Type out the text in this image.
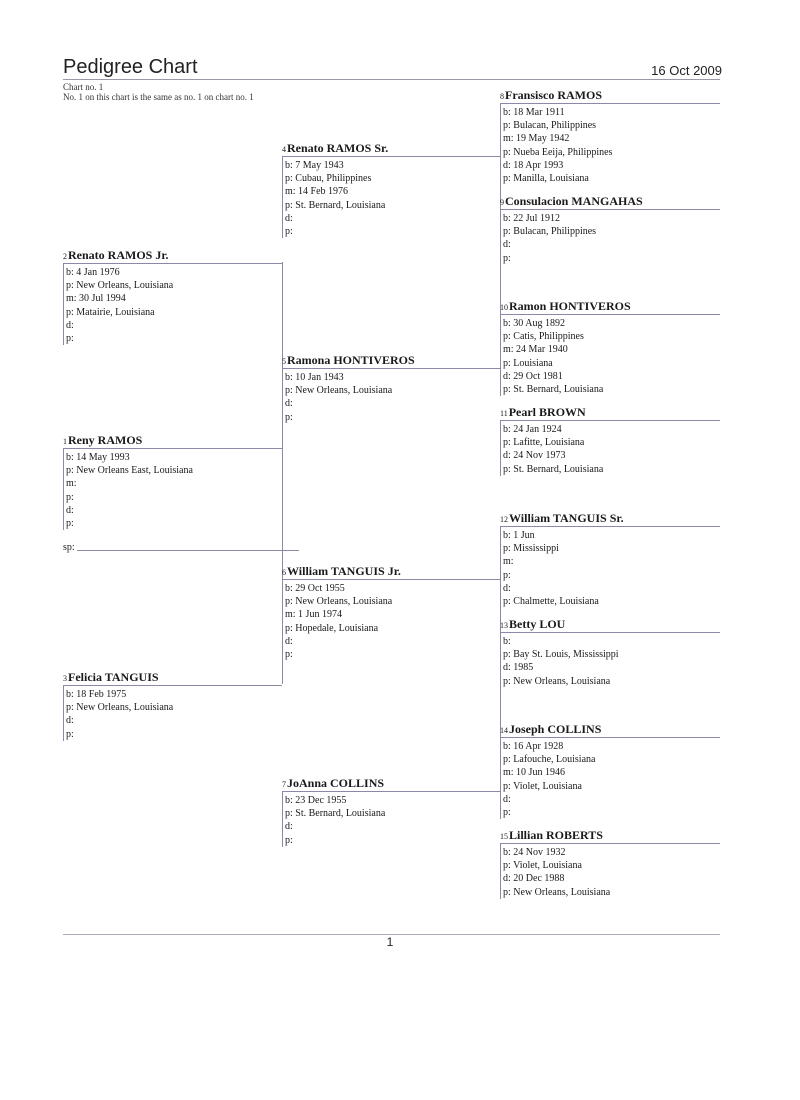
Pedigree Chart	16 Oct 2009
Chart no. 1
No. 1 on this chart is the same as no. 1 on chart no. 1
1Reny RAMOS
b: 14 May 1993
p: New Orleans East, Louisiana
m:
p:
d:
p:
sp:
2Renato RAMOS Jr.
b: 4 Jan 1976
p: New Orleans, Louisiana
m: 30 Jul 1994
p: Matairie, Louisiana
d:
p:
3Felicia TANGUIS
b: 18 Feb 1975
p: New Orleans, Louisiana
d:
p:
4Renato RAMOS Sr.
b: 7 May 1943
p: Cubau, Philippines
m: 14 Feb 1976
p: St. Bernard, Louisiana
d:
p:
5Ramona HONTIVEROS
b: 10 Jan 1943
p: New Orleans, Louisiana
d:
p:
6William TANGUIS Jr.
b: 29 Oct 1955
p: New Orleans, Louisiana
m: 1 Jun 1974
p: Hopedale, Louisiana
d:
p:
7JoAnna COLLINS
b: 23 Dec 1955
p: St. Bernard, Louisiana
d:
p:
8Fransisco RAMOS
b: 18 Mar 1911
p: Bulacan, Philippines
m: 19 May 1942
p: Nueba Eeija, Philippines
d: 18 Apr 1993
p: Manilla, Louisiana
9Consulacion MANGAHAS
b: 22 Jul 1912
p: Bulacan, Philippines
d:
p:
10Ramon HONTIVEROS
b: 30 Aug 1892
p: Catis, Philippines
m: 24 Mar 1940
p: Louisiana
d: 29 Oct 1981
p: St. Bernard, Louisiana
11Pearl BROWN
b: 24 Jan 1924
p: Lafitte, Louisiana
d: 24 Nov 1973
p: St. Bernard, Louisiana
12William TANGUIS Sr.
b: 1 Jun
p: Mississippi
m:
p:
d:
p: Chalmette, Louisiana
13Betty LOU
b:
p: Bay St. Louis, Mississippi
d: 1985
p: New Orleans, Louisiana
14Joseph COLLINS
b: 16 Apr 1928
p: Lafouche, Louisiana
m: 10 Jun 1946
p: Violet, Louisiana
d:
p:
15Lillian ROBERTS
b: 24 Nov 1932
p: Violet, Louisiana
d: 20 Dec 1988
p: New Orleans, Louisiana
1
